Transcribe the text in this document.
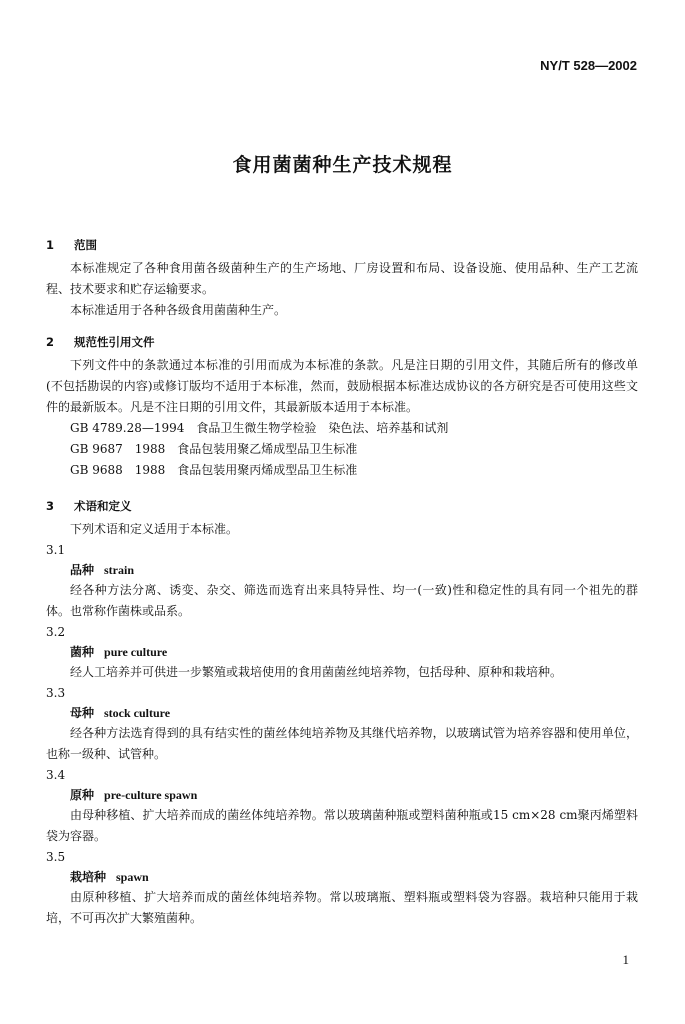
NY/T 528—2002
食用菌菌种生产技术规程
1 范围

本标准规定了各种食用菌各级菌种生产的生产场地、厂房设置和布局、设备设施、使用品种、生产工艺流程、技术要求和贮存运输要求。

本标准适用于各种各级食用菌菌种生产。

2 规范性引用文件

下列文件中的条款通过本标准的引用而成为本标准的条款。凡是注日期的引用文件，其随后所有的修改单(不包括勘误的内容)或修订版均不适用于本标准，然而，鼓励根据本标准达成协议的各方研究是否可使用这些文件的最新版本。凡是不注日期的引用文件，其最新版本适用于本标准。

GB 4789.28—1994　食品卫生微生物学检验　染色法、培养基和试剂

GB 9687　1988　食品包装用聚乙烯成型品卫生标准

GB 9688　1988　食品包装用聚丙烯成型品卫生标准

3 术语和定义

下列术语和定义适用于本标准。

3.1

品种 strain

经各种方法分离、诱变、杂交、筛选而选育出来具特异性、均一(一致)性和稳定性的具有同一个祖先的群体。也常称作菌株或品系。

3.2

菌种 pure culture

经人工培养并可供进一步繁殖或栽培使用的食用菌菌丝纯培养物，包括母种、原种和栽培种。

3.3

母种 stock culture

经各种方法选育得到的具有结实性的菌丝体纯培养物及其继代培养物，以玻璃试管为培养容器和使用单位，也称一级种、试管种。

3.4

原种 pre-culture spawn

由母种移植、扩大培养而成的菌丝体纯培养物。常以玻璃菌种瓶或塑料菌种瓶或15 cm×28 cm聚丙烯塑料袋为容器。

3.5

栽培种 spawn

由原种移植、扩大培养而成的菌丝体纯培养物。常以玻璃瓶、塑料瓶或塑料袋为容器。栽培种只能用于栽培，不可再次扩大繁殖菌种。

1
